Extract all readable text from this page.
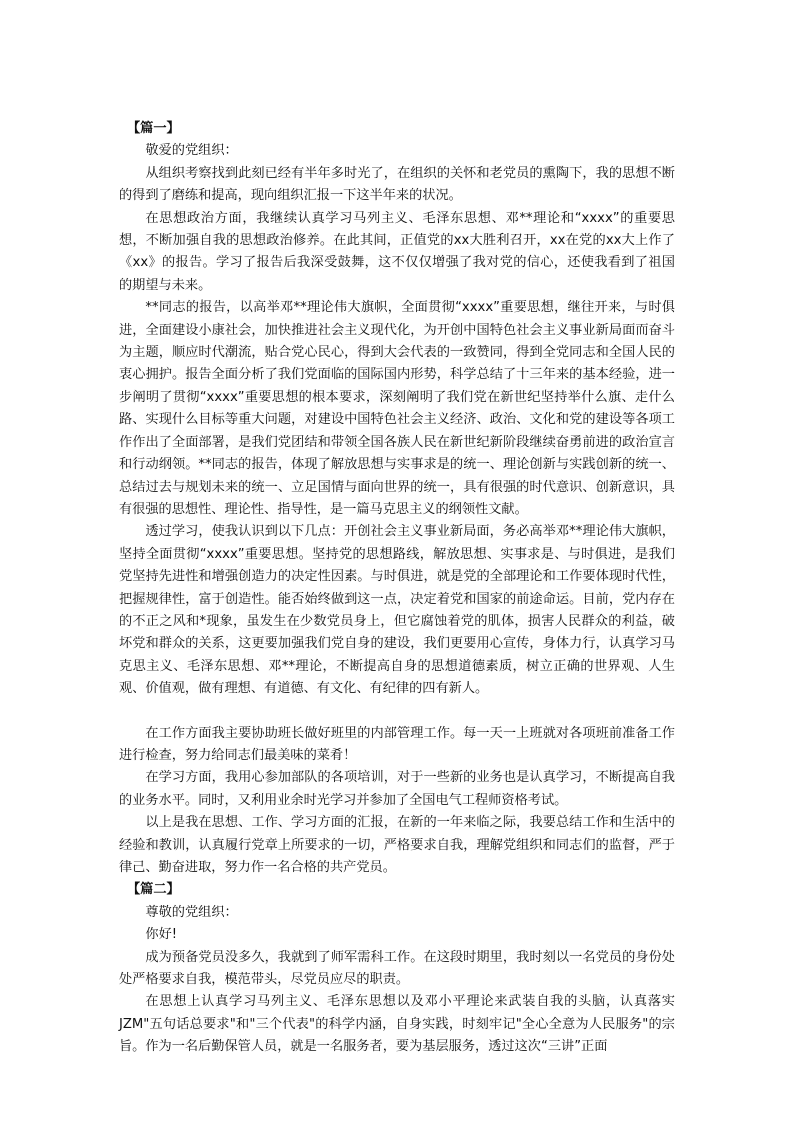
【篇一】

敬爱的党组织：

从组织考察找到此刻已经有半年多时光了，在组织的关怀和老党员的熏陶下，我的思想不断的得到了磨练和提高，现向组织汇报一下这半年来的状况。

在思想政治方面，我继续认真学习马列主义、毛泽东思想、邓**理论和“xxxx”的重要思想，不断加强自我的思想政治修养。在此其间，正值党的xx大胜利召开，xx在党的xx大上作了《xx》的报告。学习了报告后我深受鼓舞，这不仅仅增强了我对党的信心，还使我看到了祖国的期望与未来。

**同志的报告，以高举邓**理论伟大旗帜，全面贯彻“xxxx”重要思想，继往开来，与时俱进，全面建设小康社会，加快推进社会主义现代化，为开创中国特色社会主义事业新局面而奋斗为主题，顺应时代潮流，贴合党心民心，得到大会代表的一致赞同，得到全党同志和全国人民的衷心拥护。报告全面分析了我们党面临的国际国内形势，科学总结了十三年来的基本经验，进一步阐明了贯彻“xxxx”重要思想的根本要求，深刻阐明了我们党在新世纪坚持举什么旗、走什么路、实现什么目标等重大问题，对建设中国特色社会主义经济、政治、文化和党的建设等各项工作作出了全面部署，是我们党团结和带领全国各族人民在新世纪新阶段继续奋勇前进的政治宣言和行动纲领。**同志的报告，体现了解放思想与实事求是的统一、理论创新与实践创新的统一、总结过去与规划未来的统一、立足国情与面向世界的统一，具有很强的时代意识、创新意识，具有很强的思想性、理论性、指导性，是一篇马克思主义的纲领性文献。

透过学习，使我认识到以下几点：开创社会主义事业新局面，务必高举邓**理论伟大旗帜，坚持全面贯彻“xxxx”重要思想。坚持党的思想路线，解放思想、实事求是、与时俱进，是我们党坚持先进性和增强创造力的决定性因素。与时俱进，就是党的全部理论和工作要体现时代性，把握规律性，富于创造性。能否始终做到这一点，决定着党和国家的前途命运。目前，党内存在的不正之风和*现象，虽发生在少数党员身上，但它腐蚀着党的肌体，损害人民群众的利益，破坏党和群众的关系，这更要加强我们党自身的建设，我们更要用心宣传，身体力行，认真学习马克思主义、毛泽东思想、邓**理论，不断提高自身的思想道德素质，树立正确的世界观、人生观、价值观，做有理想、有道德、有文化、有纪律的四有新人。

在工作方面我主要协助班长做好班里的内部管理工作。每一天一上班就对各项班前准备工作进行检查，努力给同志们最美味的菜肴！

在学习方面，我用心参加部队的各项培训，对于一些新的业务也是认真学习，不断提高自我的业务水平。同时，又利用业余时光学习并参加了全国电气工程师资格考试。

以上是我在思想、工作、学习方面的汇报，在新的一年来临之际，我要总结工作和生活中的经验和教训，认真履行党章上所要求的一切，严格要求自我，理解党组织和同志们的监督，严于律己、勤奋进取，努力作一名合格的共产党员。

【篇二】

尊敬的党组织：

你好!

成为预备党员没多久，我就到了师军需科工作。在这段时期里，我时刻以一名党员的身份处处严格要求自我，模范带头，尽党员应尽的职责。

在思想上认真学习马列主义、毛泽东思想以及邓小平理论来武装自我的头脑，认真落实JZM"五句话总要求"和"三个代表"的科学内涵，自身实践，时刻牢记"全心全意为人民服务"的宗旨。作为一名后勤保管人员，就是一名服务者，要为基层服务，透过这次“三讲”正面
